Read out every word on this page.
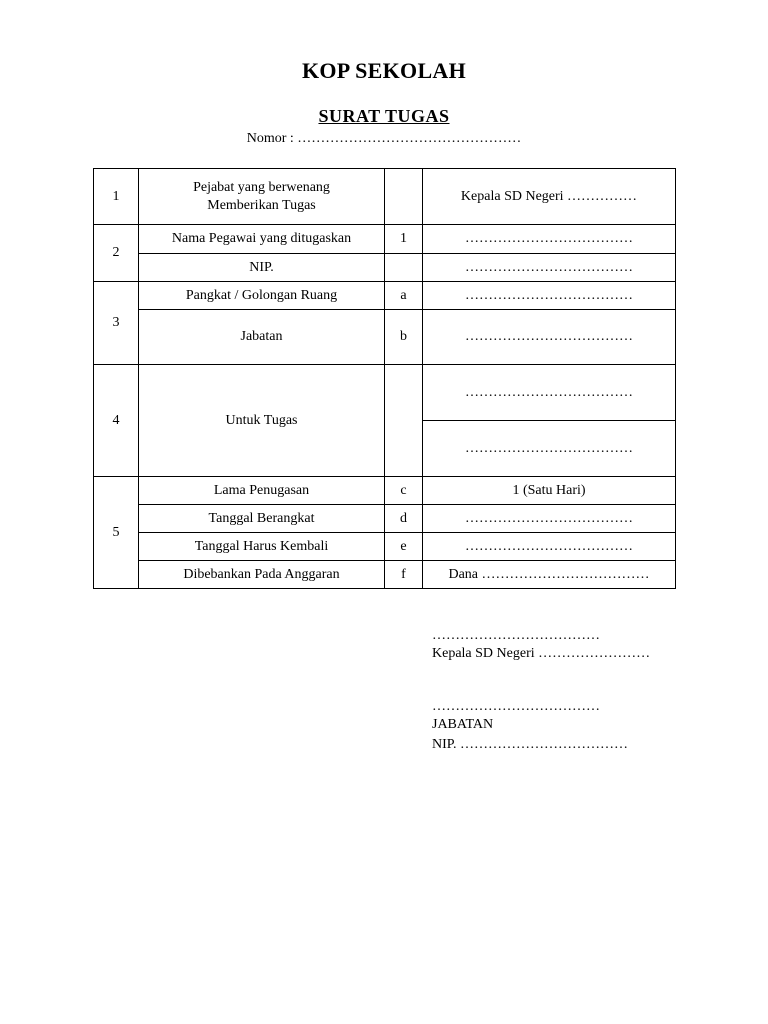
KOP SEKOLAH
SURAT TUGAS
Nomor : …………………………………………
1	Pejabat yang berwenang
Memberikan Tugas		Kepala SD Negeri ……………
2	Nama Pegawai yang ditugaskan	1	………………………………
	NIP.		………………………………
3	Pangkat / Golongan Ruang	a	………………………………
	Jabatan	b	………………………………
4	Untuk Tugas		………………………………
			………………………………
5	Lama Penugasan	c	1 (Satu Hari)
	Tanggal Berangkat	d	………………………………
	Tanggal Harus Kembali	e	………………………………
	Dibebankan Pada Anggaran	f	Dana ………………………………
………………………………
Kepala SD Negeri ……………………
………………………………
JABATAN
NIP. ………………………………
